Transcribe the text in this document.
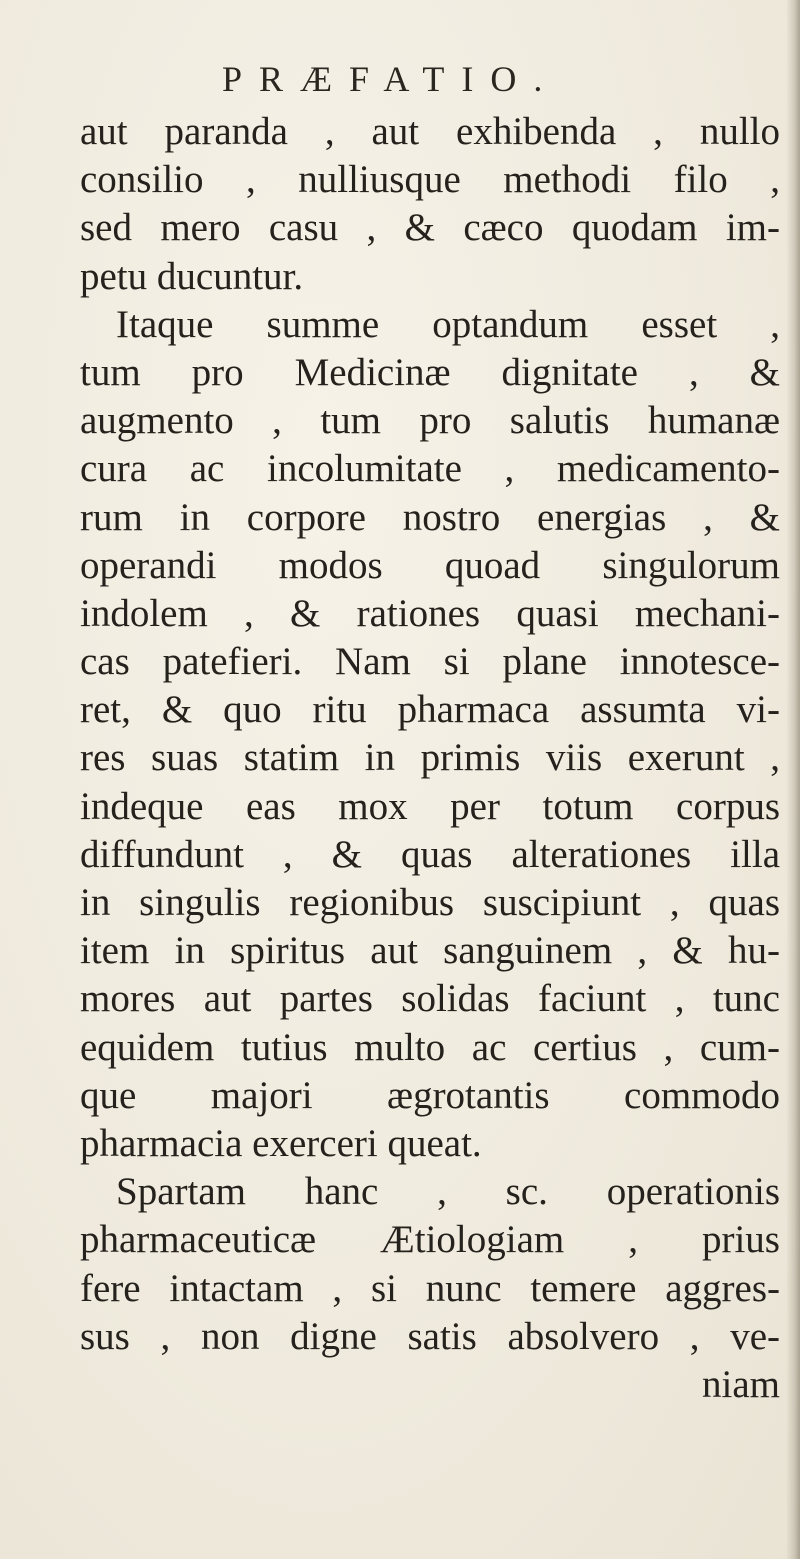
PRÆFATIO.
aut paranda , aut exhibenda , nullo
consilio , nulliusque methodi filo ,
sed mero casu , & cæco quodam im-
petu ducuntur.
Itaque summe optandum esset ,
tum pro Medicinæ dignitate , &
augmento , tum pro salutis humanæ
cura ac incolumitate , medicamento-
rum in corpore nostro energias , &
operandi modos quoad singulorum
indolem , & rationes quasi mechani-
cas patefieri. Nam si plane innotesce-
ret, & quo ritu pharmaca assumta vi-
res suas statim in primis viis exerunt ,
indeque eas mox per totum corpus
diffundunt , & quas alterationes illa
in singulis regionibus suscipiunt , quas
item in spiritus aut sanguinem , & hu-
mores aut partes solidas faciunt , tunc
equidem tutius multo ac certius , cum-
que majori ægrotantis commodo
pharmacia exerceri queat.
Spartam hanc , sc. operationis
pharmaceuticæ Ætiologiam , prius
fere intactam , si nunc temere aggres-
sus , non digne satis absolvero , ve-
niam
